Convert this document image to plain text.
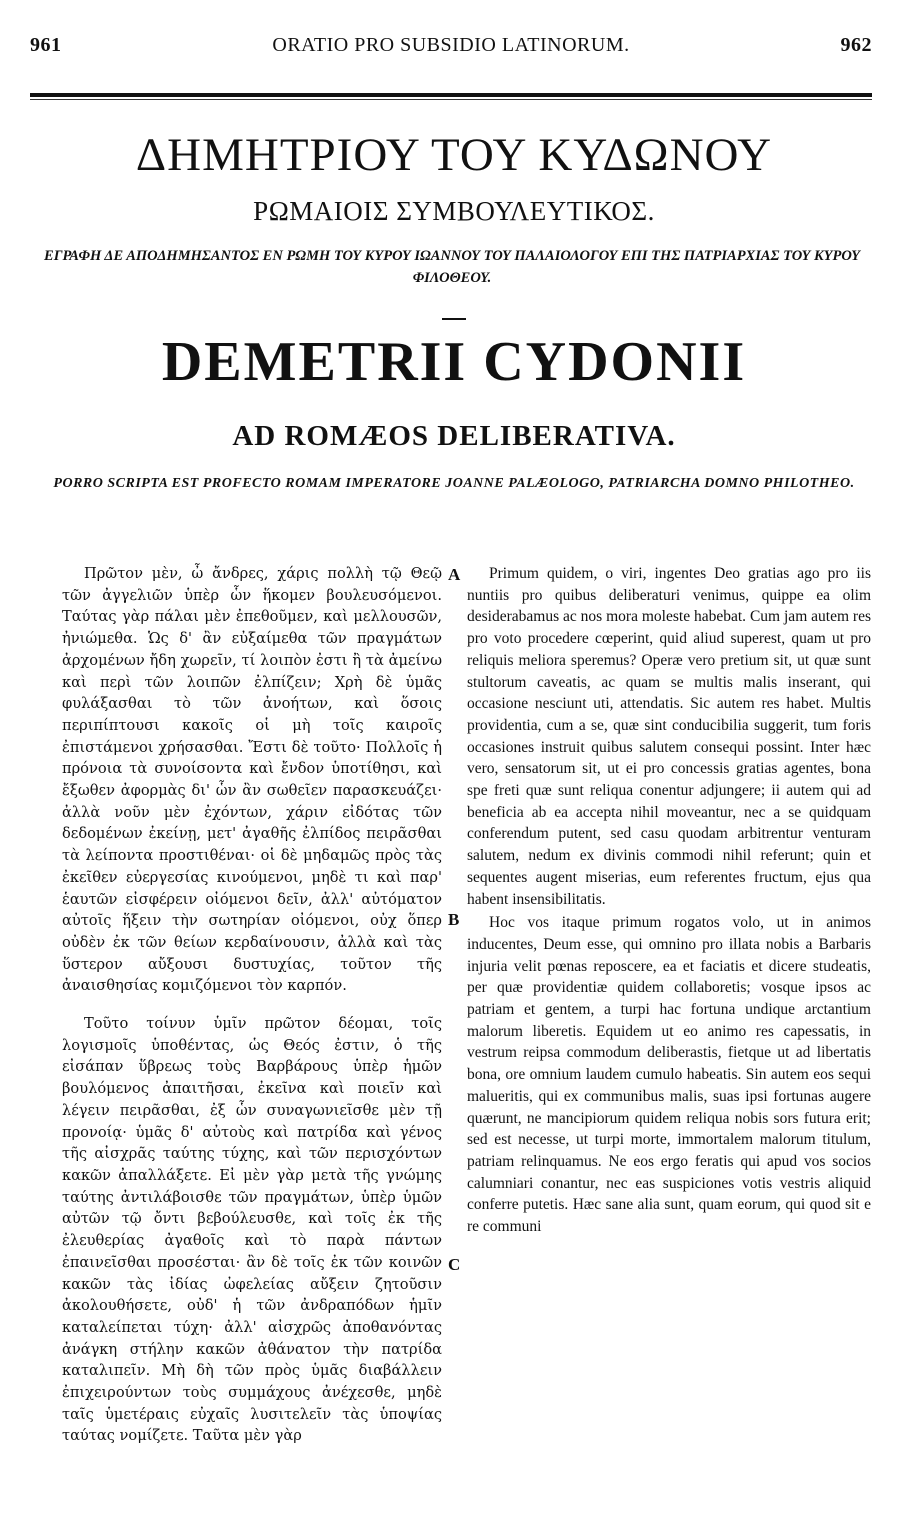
961	ORATIO PRO SUBSIDIO LATINORUM.	962
ΔΗΜΗΤΡΙΟΥ ΤΟΥ ΚΥΔΩΝΟΥ
ΡΩΜΑΙΟΙΣ ΣΥΜΒΟΥΛΕΥΤΙΚΟΣ.
ΕΓΡΑΦΗ ΔΕ ΑΠΟΔΗΜΗΣΑΝΤΟΣ ΕΝ ΡΩΜΗ ΤΟΥ ΚΥΡΟΥ ΙΩΑΝΝΟΥ ΤΟΥ ΠΑΛΑΙΟΛΟΓΟΥ ΕΠΙ ΤΗΣ ΠΑΤΡΙΑΡΧΙΑΣ ΤΟΥ ΚΥΡΟΥ ΦΙΛΟΘΕΟΥ.
DEMETRII CYDONII
AD ROMÆOS DELIBERATIVA.
PORRO SCRIPTA EST PROFECTO ROMAM IMPERATORE JOANNE PALÆOLOGO, PATRIARCHA DOMNO PHILOTHEO.

Πρῶτον μὲν, ὦ ἄνδρες, χάρις πολλὴ τῷ Θεῷ τῶν ἀγγελιῶν ὑπὲρ ὧν ἥκομεν βουλευσόμενοι. Ταύτας γὰρ πάλαι μὲν ἐπεθοῦμεν, καὶ μελλουσῶν, ἠνιώμεθα. Ὡς δ' ἂν εὐξαίμεθα τῶν πραγμάτων ἀρχομένων ἤδη χωρεῖν, τί λοιπὸν ἐστι ἢ τὰ ἀμείνω καὶ περὶ τῶν λοιπῶν ἐλπίζειν; Χρὴ δὲ ὑμᾶς φυλάξασθαι τὸ τῶν ἀνοήτων, καὶ ὅσοις περιπίπτουσι κακοῖς οἱ μὴ τοῖς καιροῖς ἐπιστάμενοι χρήσασθαι. Ἔστι δὲ τοῦτο· Πολλοῖς ἡ πρόνοια τὰ συνοίσοντα καὶ ἔνδον ὑποτίθησι, καὶ ἔξωθεν ἀφορμὰς δι' ὧν ἂν σωθεῖεν παρασκευάζει· ἀλλὰ νοῦν μὲν ἐχόντων, χάριν εἰδότας τῶν δεδομένων ἐκείνῃ, μετ' ἀγαθῆς ἐλπίδος πειρᾶσθαι τὰ λείποντα προστιθέναι· οἱ δὲ μηδαμῶς πρὸς τὰς ἐκεῖθεν εὐεργεσίας κινούμενοι, μηδὲ τι καὶ παρ' ἑαυτῶν εἰσφέρειν οἰόμενοι δεῖν, ἀλλ' αὐτόματον αὐτοῖς ἥξειν τὴν σωτηρίαν οἰόμενοι, οὐχ ὅπερ οὐδὲν ἐκ τῶν θείων κερδαίνουσιν, ἀλλὰ καὶ τὰς ὕστερον αὔξουσι δυστυχίας, τοῦτον τῆς ἀναισθησίας κομιζόμενοι τὸν καρπόν.

Τοῦτο τοίνυν ὑμῖν πρῶτον δέομαι, τοῖς λογισμοῖς ὑποθέντας, ὡς Θεός ἐστιν, ὁ τῆς εἰσάπαν ὕβρεως τοὺς Βαρβάρους ὑπὲρ ἡμῶν βουλόμενος ἀπαιτῆσαι, ἐκεῖνα καὶ ποιεῖν καὶ λέγειν πειρᾶσθαι, ἐξ ὧν συναγωνιεῖσθε μὲν τῇ προνοίᾳ· ὑμᾶς δ' αὐτοὺς καὶ πατρίδα καὶ γένος τῆς αἰσχρᾶς ταύτης τύχης, καὶ τῶν περισχόντων κακῶν ἀπαλλάξετε. Εἰ μὲν γὰρ μετὰ τῆς γνώμης ταύτης ἀντιλάβοισθε τῶν πραγμάτων, ὑπὲρ ὑμῶν αὐτῶν τῷ ὄντι βεβούλευσθε, καὶ τοῖς ἐκ τῆς ἐλευθερίας ἀγαθοῖς καὶ τὸ παρὰ πάντων ἐπαινεῖσθαι προσέσται· ἂν δὲ τοῖς ἐκ τῶν κοινῶν κακῶν τὰς ἰδίας ὠφελείας αὔξειν ζητοῦσιν ἀκολουθήσετε, οὐδ' ἡ τῶν ἀνδραπόδων ἡμῖν καταλείπεται τύχη· ἀλλ' αἰσχρῶς ἀποθανόντας ἀνάγκη στήλην κακῶν ἀθάνατον τὴν πατρίδα καταλιπεῖν. Μὴ δὴ τῶν πρὸς ὑμᾶς διαβάλλειν ἐπιχειρούντων τοὺς συμμάχους ἀνέχεσθε, μηδὲ ταῖς ὑμετέραις εὐχαῖς λυσιτελεῖν τὰς ὑποψίας ταύτας νομίζετε. Ταῦτα μὲν γὰρ

A
B
C

Primum quidem, o viri, ingentes Deo gratias ago pro iis nuntiis pro quibus deliberaturi venimus, quippe ea olim desiderabamus ac nos mora moleste habebat. Cum jam autem res pro voto procedere cœperint, quid aliud superest, quam ut pro reliquis meliora speremus? Operæ vero pretium sit, ut quæ sunt stultorum caveatis, ac quam se multis malis inserant, qui occasione nesciunt uti, attendatis. Sic autem res habet. Multis providentia, cum a se, quæ sint conducibilia suggerit, tum foris occasiones instruit quibus salutem consequi possint. Inter hæc vero, sensatorum sit, ut ei pro concessis gratias agentes, bona spe freti quæ sunt reliqua conentur adjungere; ii autem qui ad beneficia ab ea accepta nihil moveantur, nec a se quidquam conferendum putent, sed casu quodam arbitrentur venturam salutem, nedum ex divinis commodi nihil referunt; quin et sequentes augent miserias, eum referentes fructum, ejus qua habent insensibilitatis.

Hoc vos itaque primum rogatos volo, ut in animos inducentes, Deum esse, qui omnino pro illata nobis a Barbaris injuria velit pœnas reposcere, ea et faciatis et dicere studeatis, per quæ providentiæ quidem collaboretis; vosque ipsos ac patriam et gentem, a turpi hac fortuna undique arctantium malorum liberetis. Equidem ut eo animo res capessatis, in vestrum reipsa commodum deliberastis, fietque ut ad libertatis bona, ore omnium laudem cumulo habeatis. Sin autem eos sequi malueritis, qui ex communibus malis, suas ipsi fortunas augere quærunt, ne mancipiorum quidem reliqua nobis sors futura erit; sed est necesse, ut turpi morte, immortalem malorum titulum, patriam relinquamus. Ne eos ergo feratis qui apud vos socios calumniari conantur, nec eas suspiciones votis vestris aliquid conferre putetis. Hæc sane alia sunt, quam eorum, qui quod sit e re communi
